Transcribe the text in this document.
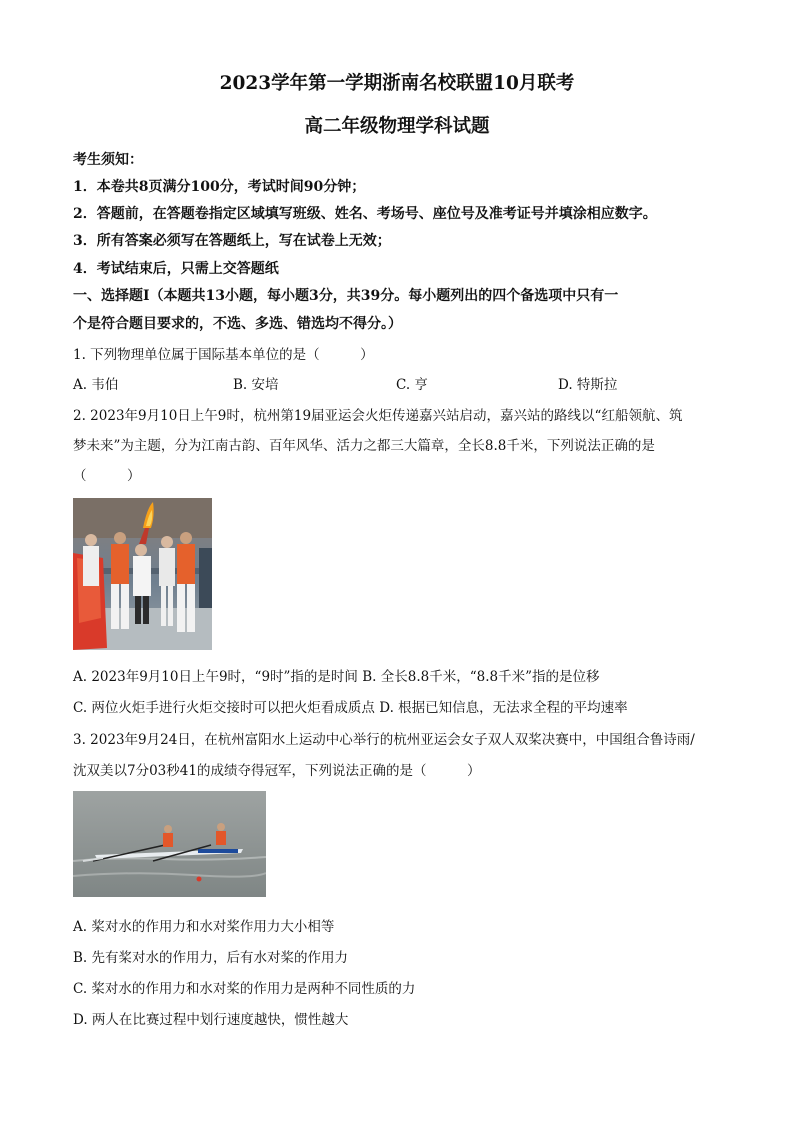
2023学年第一学期浙南名校联盟10月联考
高二年级物理学科试题
考生须知：
1．本卷共8页满分100分，考试时间90分钟；
2．答题前，在答题卷指定区域填写班级、姓名、考场号、座位号及准考证号并填涂相应数字。
3．所有答案必须写在答题纸上，写在试卷上无效；
4．考试结束后，只需上交答题纸
一、选择题Ⅰ（本题共13小题，每小题3分，共39分。每小题列出的四个备选项中只有一
个是符合题目要求的，不选、多选、错选均不得分。）
1. 下列物理单位属于国际基本单位的是（　　　）
A. 韦伯	B. 安培	C. 亨	D. 特斯拉
2. 2023年9月10日上午9时，杭州第19届亚运会火炬传递嘉兴站启动，嘉兴站的路线以“红船领航、筑
梦未来”为主题，分为江南古韵、百年风华、活力之都三大篇章，全长8.8千米，下列说法正确的是
（　　　）
A. 2023年9月10日上午9时，“9时”指的是时间 B. 全长8.8千米，“8.8千米”指的是位移
C. 两位火炬手进行火炬交接时可以把火炬看成质点 D. 根据已知信息，无法求全程的平均速率
3. 2023年9月24日，在杭州富阳水上运动中心举行的杭州亚运会女子双人双桨决赛中，中国组合鲁诗雨/
沈双美以7分03秒41的成绩夺得冠军，下列说法正确的是（　　　）
A. 桨对水的作用力和水对桨作用力大小相等
B. 先有桨对水的作用力，后有水对桨的作用力
C. 桨对水的作用力和水对桨的作用力是两种不同性质的力
D. 两人在比赛过程中划行速度越快，惯性越大
